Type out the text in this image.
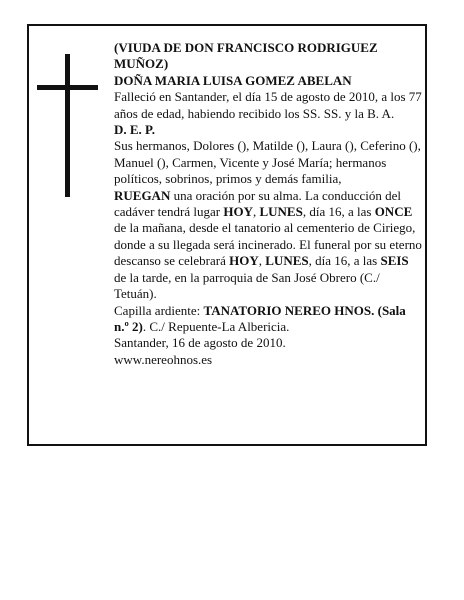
(VIUDA DE DON FRANCISCO RODRIGUEZ MUÑOZ)

DOÑA MARIA LUISA GOMEZ ABELAN

Falleció en Santander, el día 15 de agosto de 2010, a los 77 años de edad, habiendo recibido los SS. SS. y la B. A.

D. E. P.

Sus hermanos, Dolores (), Matilde (), Laura (), Ceferino (), Manuel (), Carmen, Vicente y José María; hermanos políticos, sobrinos, primos y demás familia,

RUEGAN una oración por su alma. La conducción del cadáver tendrá lugar HOY, LUNES, día 16, a las ONCE de la mañana, desde el tanatorio al cementerio de Ciriego, donde a su llegada será incinerado. El funeral por su eterno descanso se celebrará HOY, LUNES, día 16, a las SEIS de la tarde, en la parroquia de San José Obrero (C./ Tetuán).

Capilla ardiente: TANATORIO NEREO HNOS. (Sala n.º 2). C./ Repuente-La Albericia.

Santander, 16 de agosto de 2010.

www.nereohnos.es
